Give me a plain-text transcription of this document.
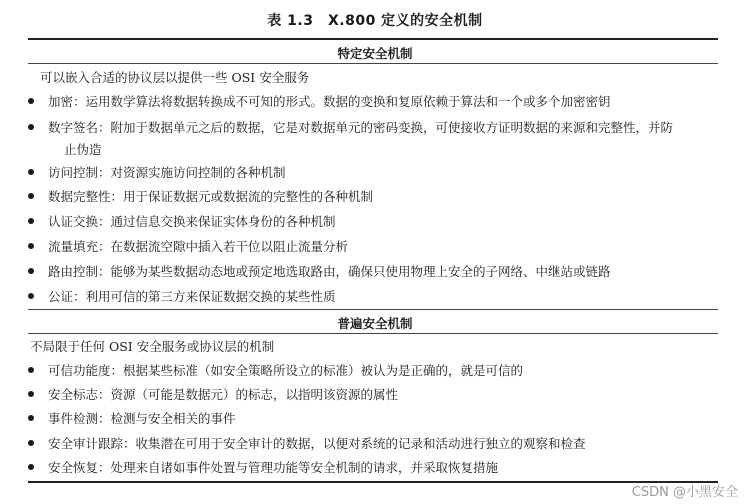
表 1.3　X.800 定义的安全机制
特定安全机制
可以嵌入合适的协议层以提供一些 OSI 安全服务
加密：运用数学算法将数据转换成不可知的形式。数据的变换和复原依赖于算法和一个或多个加密密钥
数字签名：附加于数据单元之后的数据，它是对数据单元的密码变换，可使接收方证明数据的来源和完整性，并防
止伪造
访问控制：对资源实施访问控制的各种机制
数据完整性：用于保证数据元或数据流的完整性的各种机制
认证交换：通过信息交换来保证实体身份的各种机制
流量填充：在数据流空隙中插入若干位以阻止流量分析
路由控制：能够为某些数据动态地或预定地选取路由，确保只使用物理上安全的子网络、中继站或链路
公证：利用可信的第三方来保证数据交换的某些性质
普遍安全机制
不局限于任何 OSI 安全服务或协议层的机制
可信功能度：根据某些标准（如安全策略所设立的标准）被认为是正确的，就是可信的
安全标志：资源（可能是数据元）的标志，以指明该资源的属性
事件检测：检测与安全相关的事件
安全审计跟踪：收集潜在可用于安全审计的数据，以便对系统的记录和活动进行独立的观察和检查
安全恢复：处理来自诸如事件处置与管理功能等安全机制的请求，并采取恢复措施
CSDN @小黑安全
